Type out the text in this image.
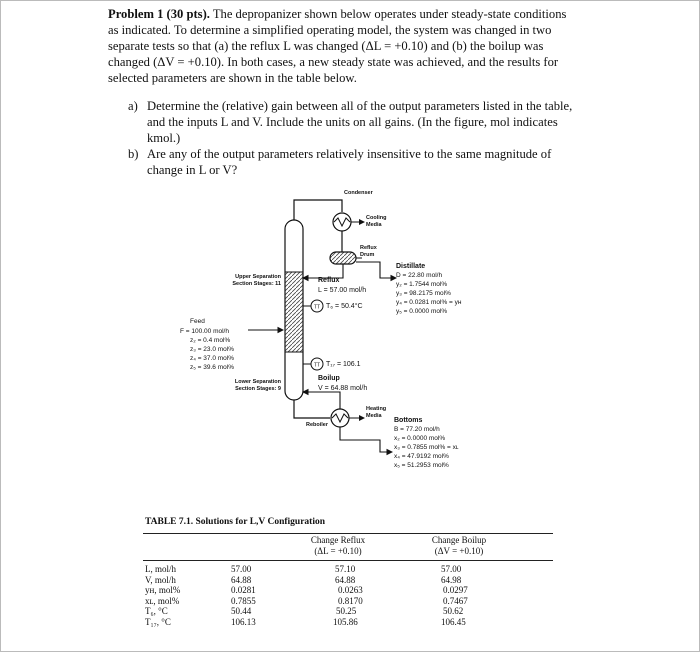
Problem 1 (30 pts). The depropanizer shown below operates under steady-state conditions as indicated. To determine a simplified operating model, the system was changed in two separate tests so that (a) the reflux L was changed (ΔL = +0.10) and (b) the boilup was changed (ΔV = +0.10). In both cases, a new steady state was achieved, and the results for selected parameters are shown in the table below.
a) Determine the (relative) gain between all of the output parameters listed in the table, and the inputs L and V. Include the units on all gains. (In the figure, mol indicates kmol.)
b) Are any of the output parameters relatively insensitive to the same magnitude of change in L or V?
TT
TT
Condenser
Cooling
Media
Reflux
Drum
Upper Separation
Section Stages: 11	Reflux
L = 57.00 mol/h
T₆ = 50.4°C
Distillate
D = 22.80 mol/h
y₂ = 1.7544 mol%
y₃ = 98.2175 mol%
y₄ = 0.0281 mol% = yʜ
y₅ = 0.0000 mol%
Feed
F = 100.00 mol/h
z₂ = 0.4 mol%
z₃ = 23.0 mol%
z₄ = 37.0 mol%
z₅ = 39.6 mol%	T₁₇ = 106.1
Boilup
V = 64.88 mol/h
Lower Separation
Section Stages: 9
Heating
Media
Reboiler
Bottoms
B = 77.20 mol/h
x₂ = 0.0000 mol%
x₃ = 0.7855 mol% = xʟ
x₄ = 47.9192 mol%
x₅ = 51.2953 mol%
TABLE 7.1. Solutions for L,V Configuration
Change Reflux
(ΔL = +0.10)
Change Boilup
(ΔV = +0.10)
L, mol/h
V, mol/h
yʜ, mol%
xʟ, mol%
T₆, °C
T₁₇, °C
57.00
64.88
0.0281
0.7855
50.44
106.13
57.10
64.88
0.0263
0.8170
50.25
105.86
57.00
64.98
0.0297
0.7467
50.62
106.45
